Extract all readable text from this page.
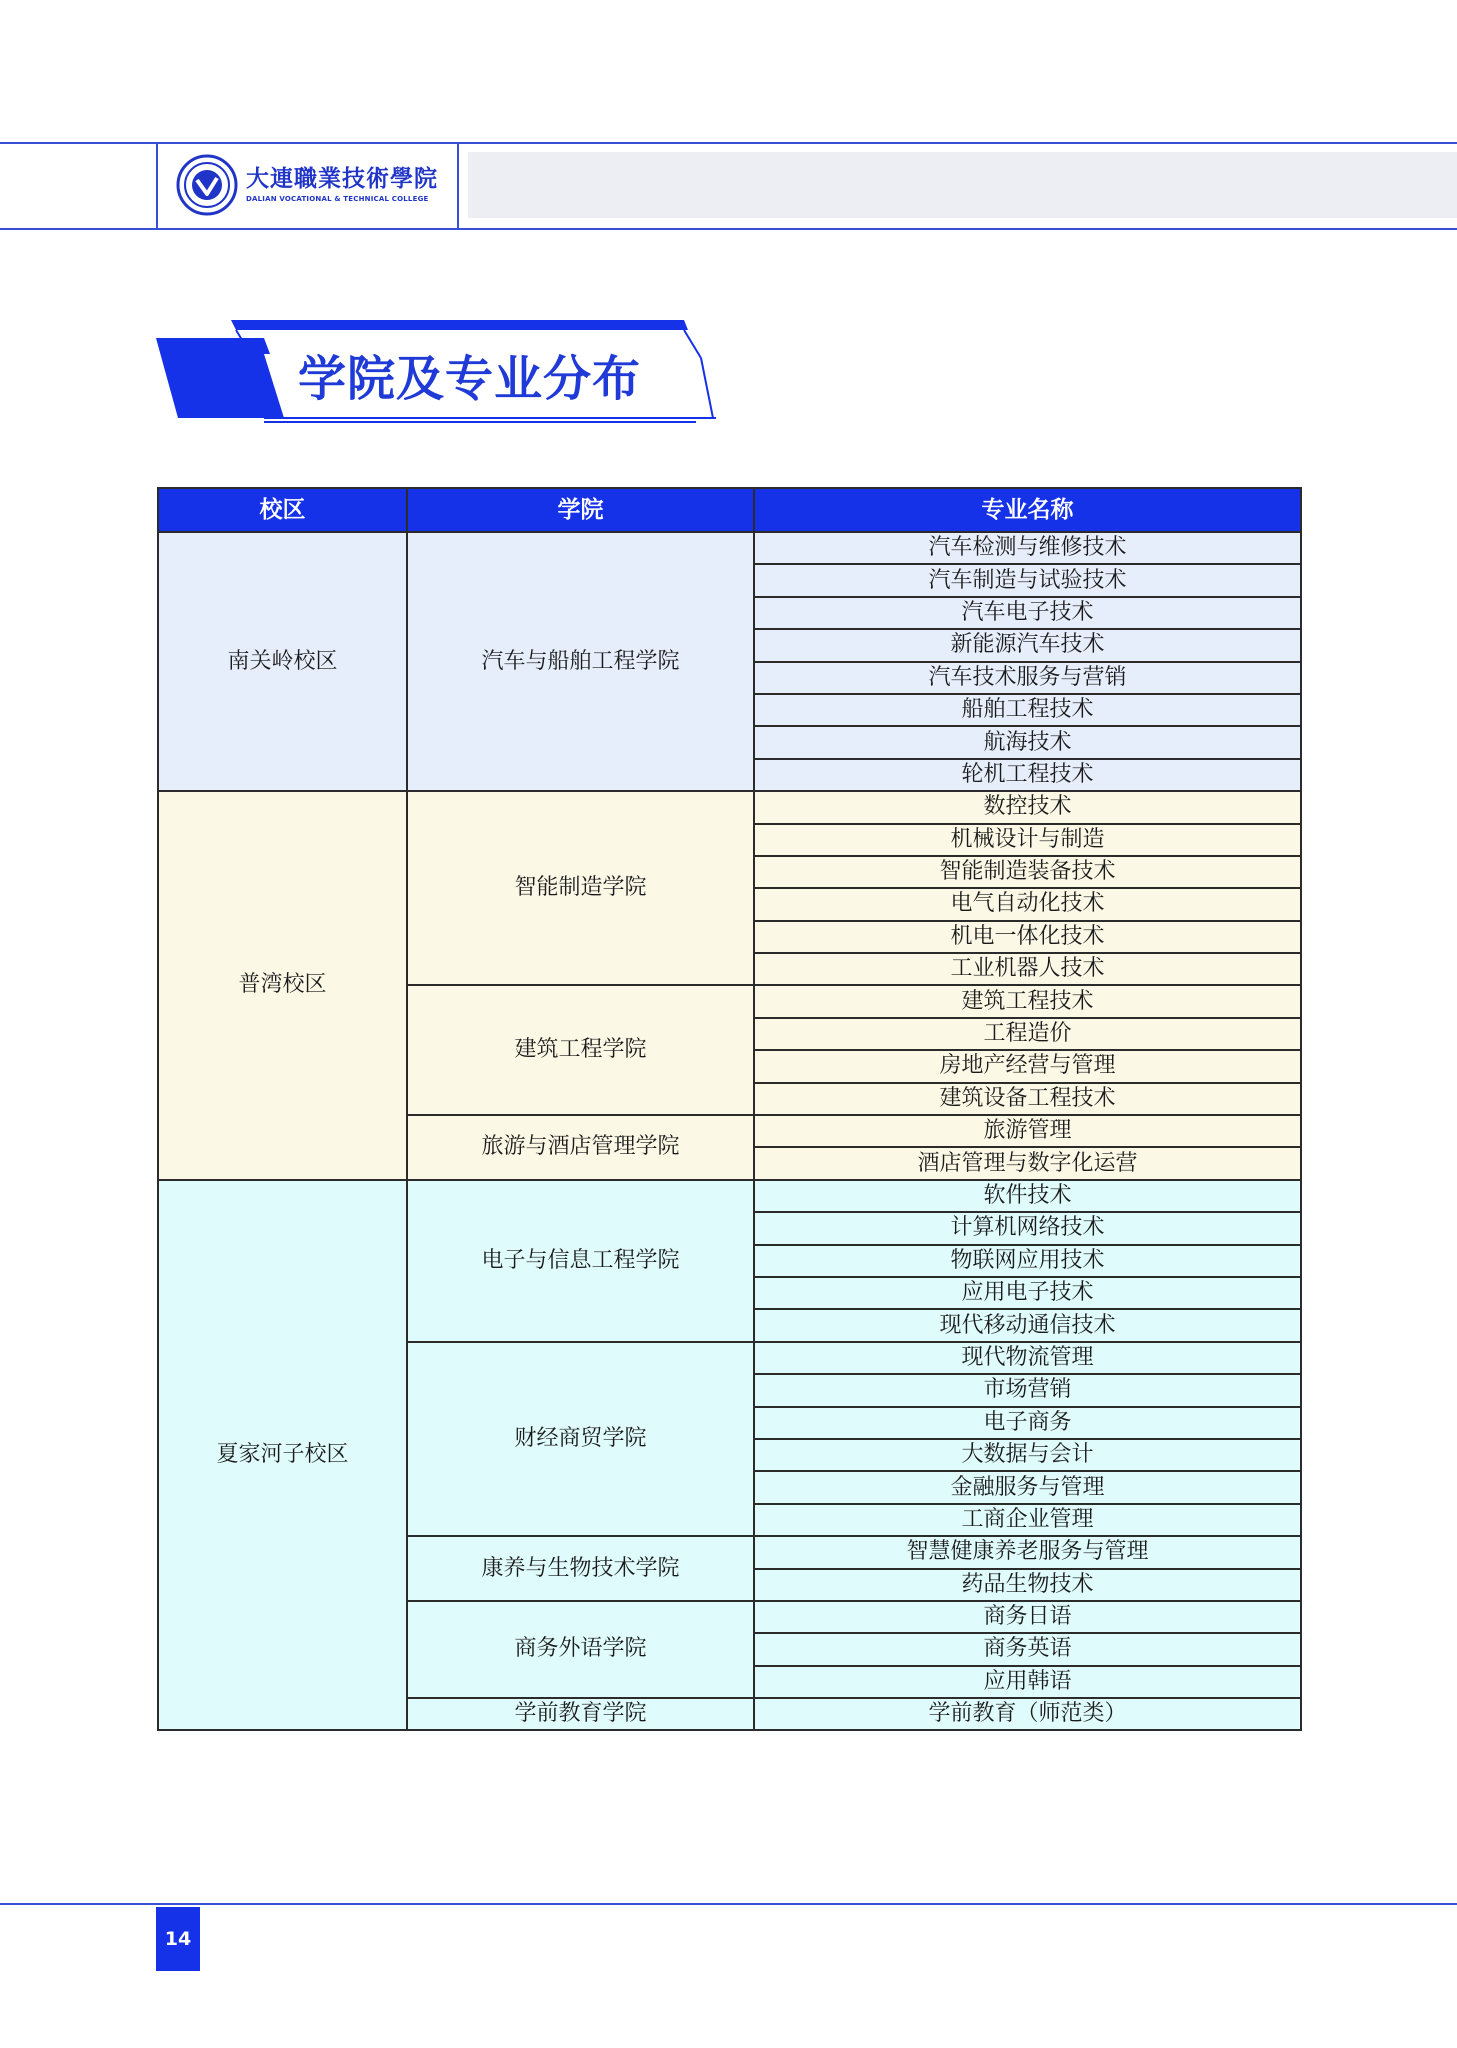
大連職業技術學院
DALIAN VOCATIONAL & TECHNICAL COLLEGE
学院及专业分布
校区	学院	专业名称
南关岭校区	汽车与船舶工程学院	汽车检测与维修技术
		汽车制造与试验技术
		汽车电子技术
		新能源汽车技术
		汽车技术服务与营销
		船舶工程技术
		航海技术
		轮机工程技术
普湾校区	智能制造学院	数控技术
		机械设计与制造
		智能制造装备技术
		电气自动化技术
		机电一体化技术
		工业机器人技术
	建筑工程学院	建筑工程技术
		工程造价
		房地产经营与管理
		建筑设备工程技术
	旅游与酒店管理学院	旅游管理
		酒店管理与数字化运营
夏家河子校区	电子与信息工程学院	软件技术
		计算机网络技术
		物联网应用技术
		应用电子技术
		现代移动通信技术
	财经商贸学院	现代物流管理
		市场营销
		电子商务
		大数据与会计
		金融服务与管理
		工商企业管理
	康养与生物技术学院	智慧健康养老服务与管理
		药品生物技术
	商务外语学院	商务日语
		商务英语
		应用韩语
	学前教育学院	学前教育（师范类）
14
